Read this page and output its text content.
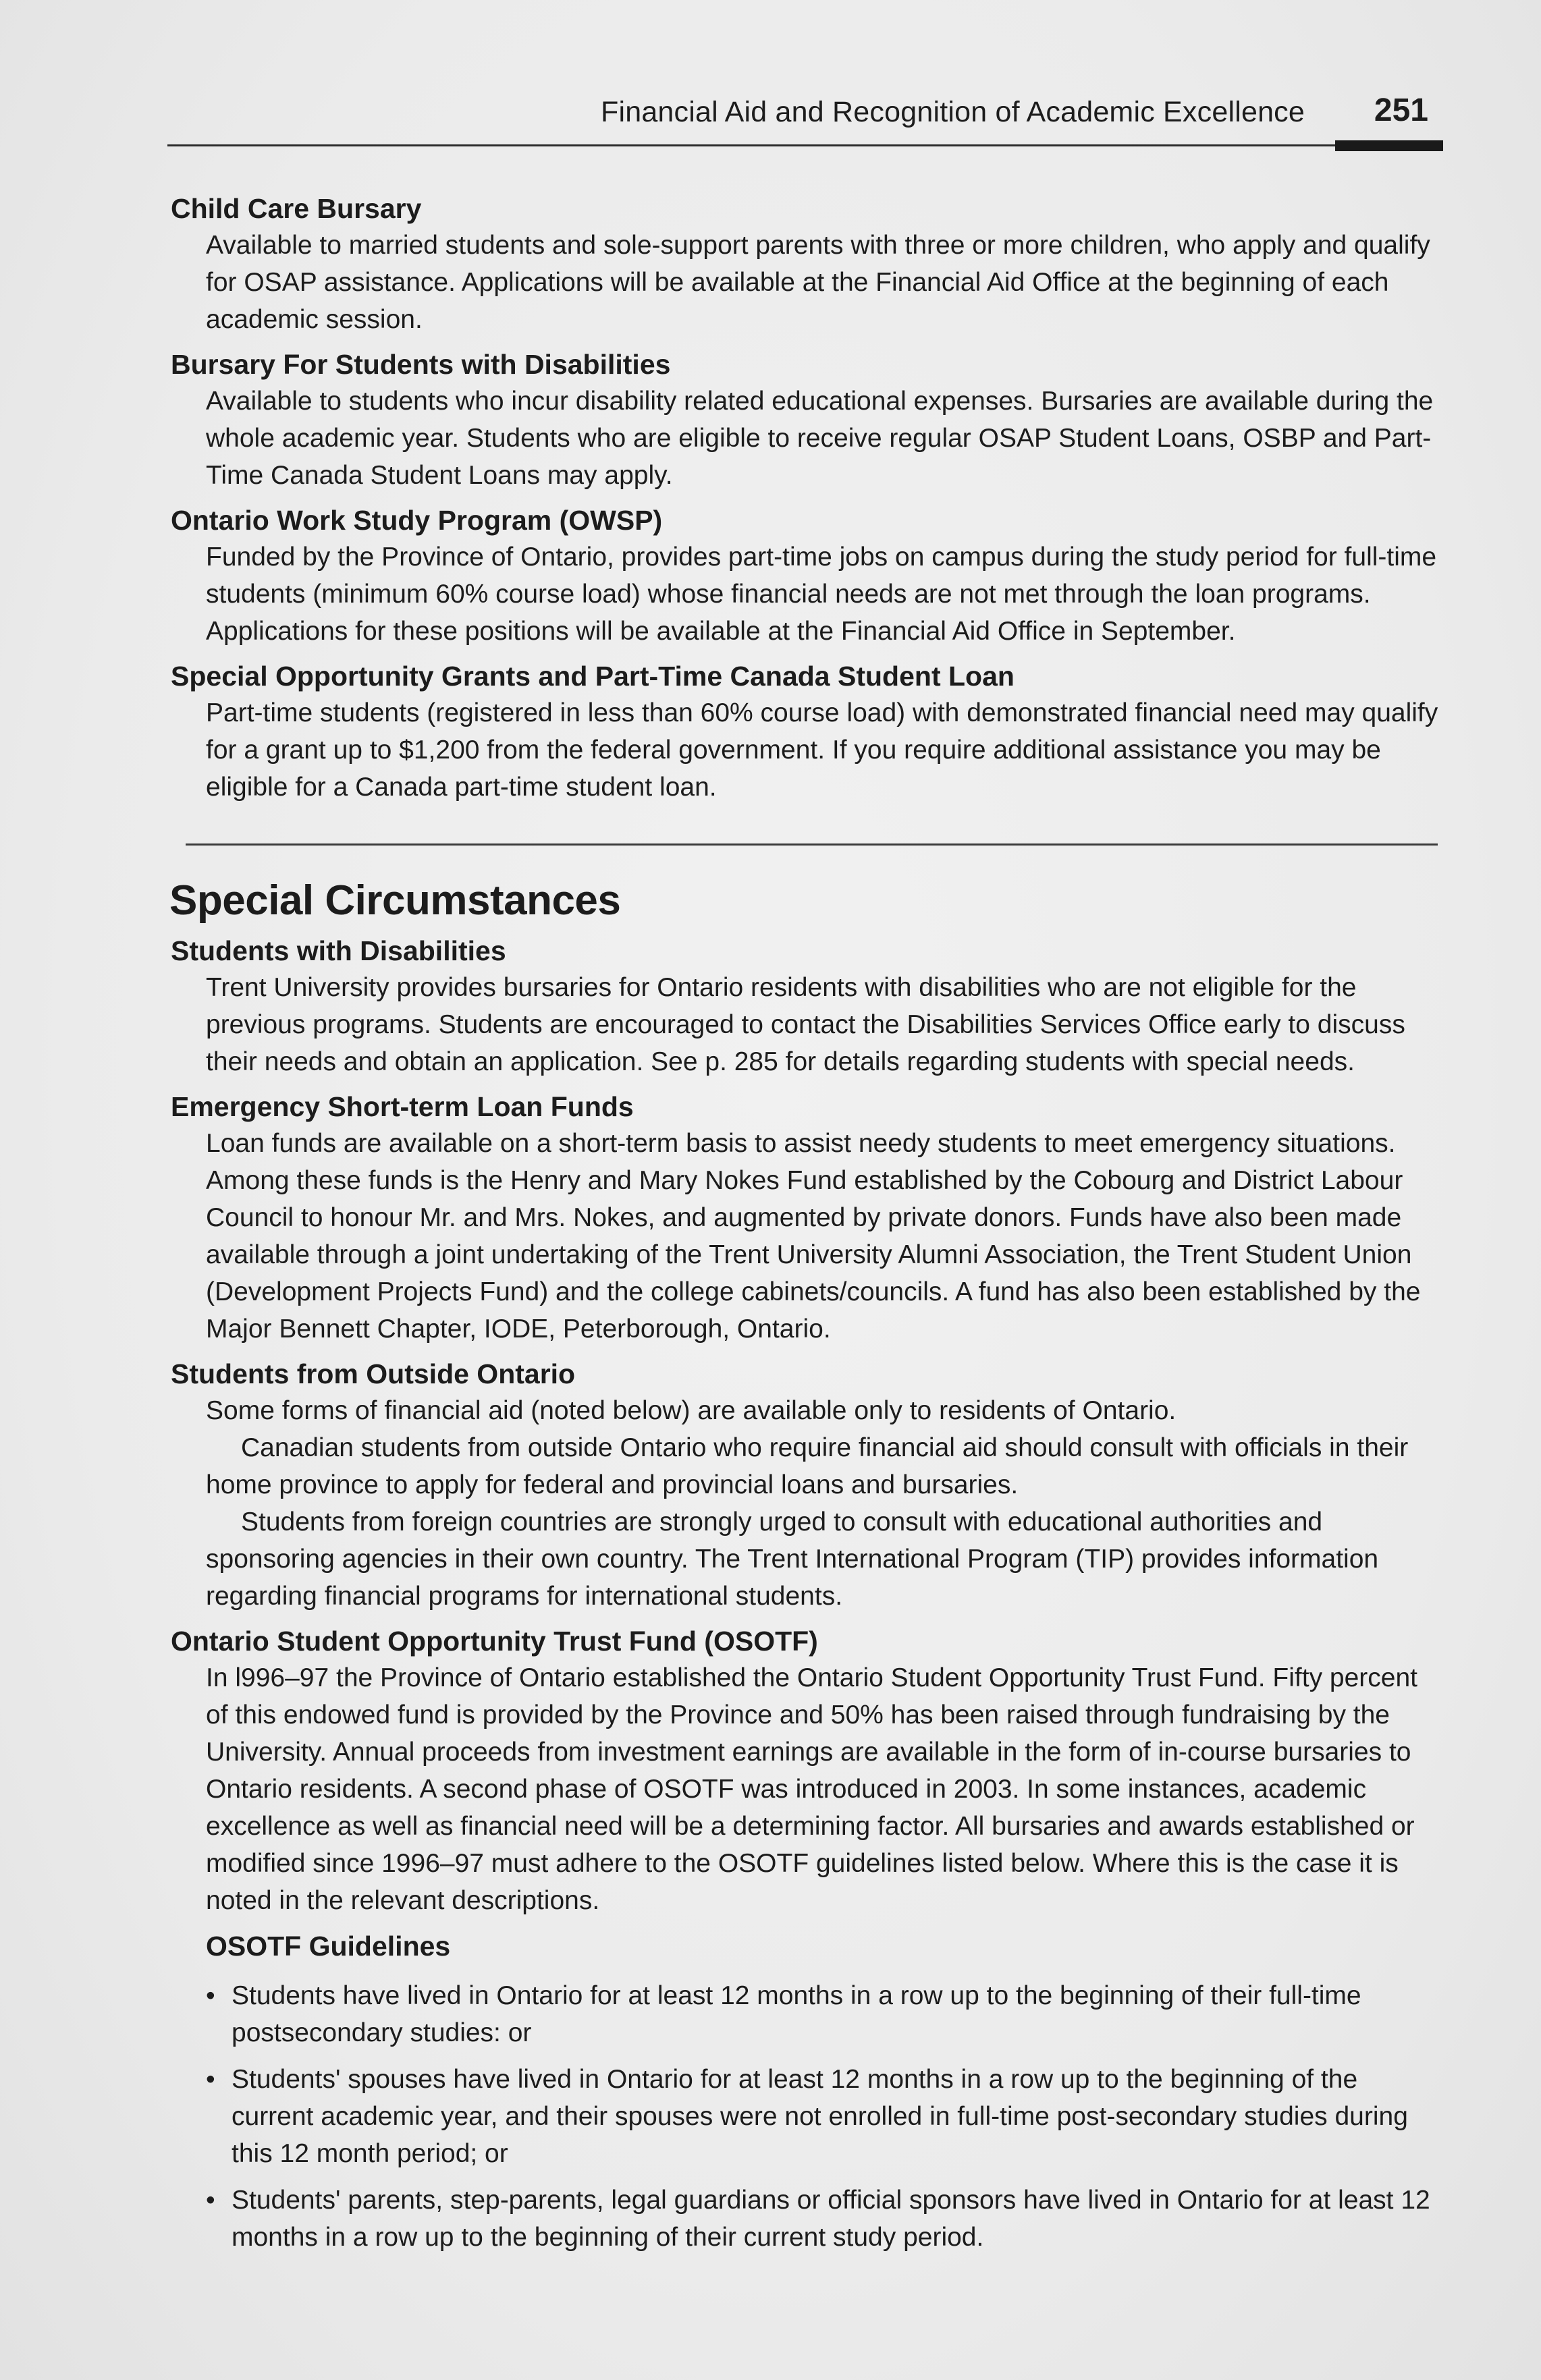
Financial Aid and Recognition of Academic Excellence 251

Child Care Bursary

Available to married students and sole-support parents with three or more children, who apply and qualify for OSAP assistance. Applications will be available at the Financial Aid Office at the beginning of each academic session.

Bursary For Students with Disabilities

Available to students who incur disability related educational expenses. Bursaries are available during the whole academic year. Students who are eligible to receive regular OSAP Student Loans, OSBP and Part-Time Canada Student Loans may apply.

Ontario Work Study Program (OWSP)

Funded by the Province of Ontario, provides part-time jobs on campus during the study period for full-time students (minimum 60% course load) whose financial needs are not met through the loan programs. Applications for these positions will be available at the Financial Aid Office in September.

Special Opportunity Grants and Part-Time Canada Student Loan

Part-time students (registered in less than 60% course load) with demonstrated financial need may qualify for a grant up to $1,200 from the federal government. If you require additional assistance you may be eligible for a Canada part-time student loan.

Special Circumstances

Students with Disabilities

Trent University provides bursaries for Ontario residents with disabilities who are not eligible for the previous programs. Students are encouraged to contact the Disabilities Services Office early to discuss their needs and obtain an application. See p. 285 for details regarding students with special needs.

Emergency Short-term Loan Funds

Loan funds are available on a short-term basis to assist needy students to meet emergency situations. Among these funds is the Henry and Mary Nokes Fund established by the Cobourg and District Labour Council to honour Mr. and Mrs. Nokes, and augmented by private donors. Funds have also been made available through a joint undertaking of the Trent University Alumni Association, the Trent Student Union (Development Projects Fund) and the college cabinets/councils. A fund has also been established by the Major Bennett Chapter, IODE, Peterborough, Ontario.

Students from Outside Ontario

Some forms of financial aid (noted below) are available only to residents of Ontario.

Canadian students from outside Ontario who require financial aid should consult with officials in their home province to apply for federal and provincial loans and bursaries.

Students from foreign countries are strongly urged to consult with educational authorities and sponsoring agencies in their own country. The Trent International Program (TIP) provides information regarding financial programs for international students.

Ontario Student Opportunity Trust Fund (OSOTF)

In l996–97 the Province of Ontario established the Ontario Student Opportunity Trust Fund. Fifty percent of this endowed fund is provided by the Province and 50% has been raised through fundraising by the University. Annual proceeds from investment earnings are available in the form of in-course bursaries to Ontario residents. A second phase of OSOTF was introduced in 2003. In some instances, academic excellence as well as financial need will be a determining factor. All bursaries and awards established or modified since 1996–97 must adhere to the OSOTF guidelines listed below. Where this is the case it is noted in the relevant descriptions.

OSOTF Guidelines

• Students have lived in Ontario for at least 12 months in a row up to the beginning of their full-time postsecondary studies: or
• Students' spouses have lived in Ontario for at least 12 months in a row up to the beginning of the current academic year, and their spouses were not enrolled in full-time post-secondary studies during this 12 month period; or
• Students' parents, step-parents, legal guardians or official sponsors have lived in Ontario for at least 12 months in a row up to the beginning of their current study period.
